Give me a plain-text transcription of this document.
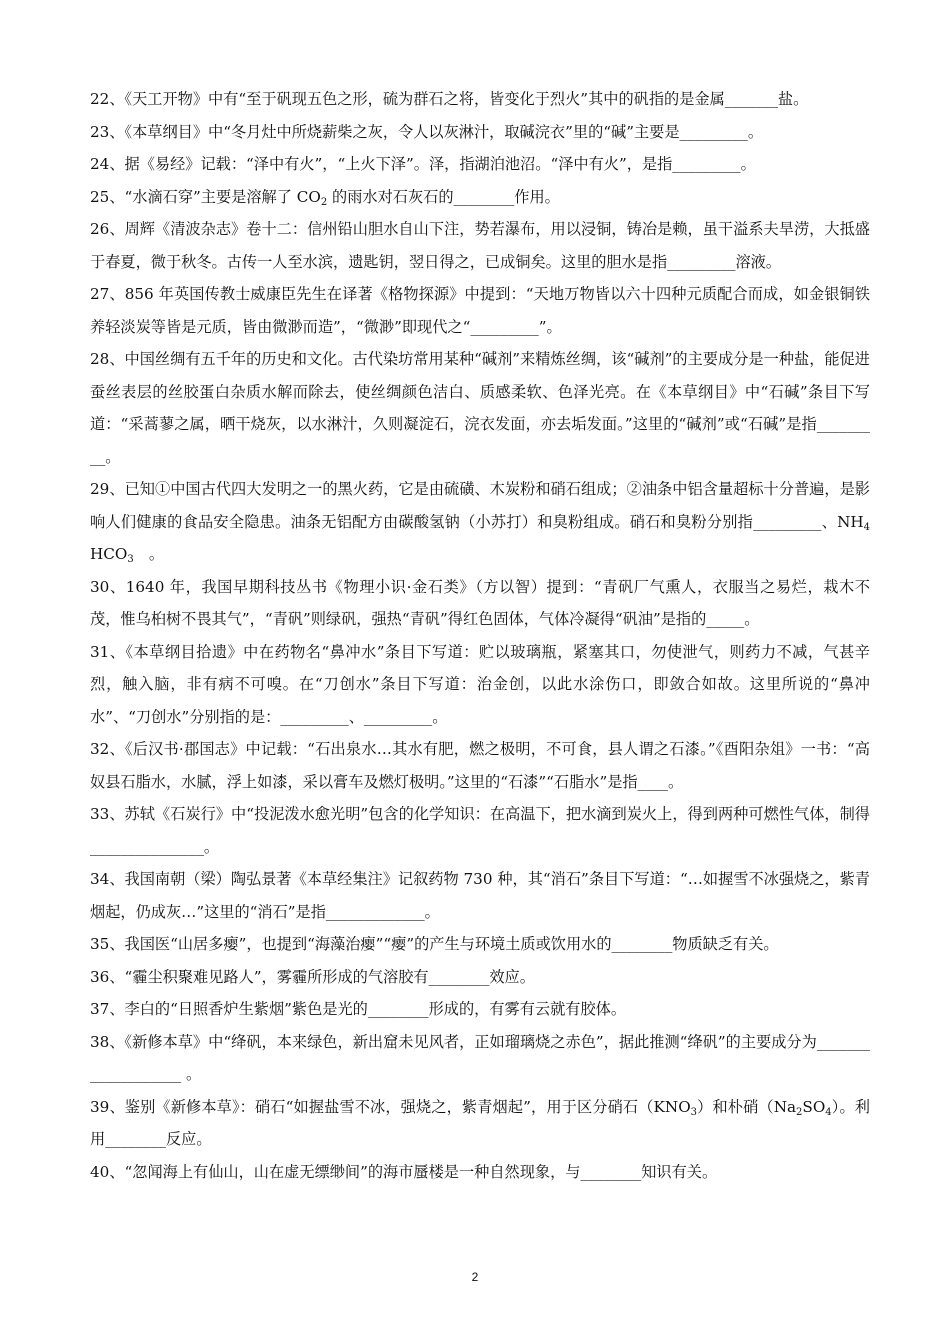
22、《天工开物》中有“至于矾现五色之形，硫为群石之将，皆变化于烈火”其中的矾指的是金属_______盐。
23、《本草纲目》中“冬月灶中所烧薪柴之灰，令人以灰淋汁，取碱浣衣”里的“碱”主要是_________。
24、据《易经》记载：“泽中有火”，“上火下泽”。泽，指湖泊池沼。“泽中有火”，是指_________。
25、“水滴石穿”主要是溶解了 $CO_2$ 的雨水对石灰石的________作用。
26、周辉《清波杂志》卷十二：信州铅山胆水自山下注，势若瀑布，用以浸铜，铸冶是赖，虽干溢系夫旱涝，大抵盛于春夏，微于秋冬。古传一人至水滨，遗匙钥，翌日得之，已成铜矣。这里的胆水是指_________溶液。
27、856 年英国传教士威康臣先生在译著《格物探源》中提到：“天地万物皆以六十四种元质配合而成，如金银铜铁养轻淡炭等皆是元质，皆由微渺而造”，“微渺”即现代之“_________”。
28、中国丝绸有五千年的历史和文化。古代染坊常用某种“碱剂”来精炼丝绸，该“碱剂”的主要成分是一种盐，能促进蚕丝表层的丝胶蛋白杂质水解而除去，使丝绸颜色洁白、质感柔软、色泽光亮。在《本草纲目》中“石碱”条目下写道：“采蒿蓼之属，晒干烧灰，以水淋汁，久则凝淀石，浣衣发面，亦去垢发面。”这里的“碱剂”或“石碱”是指_________。
29、已知①中国古代四大发明之一的黑火药，它是由硫磺、木炭粉和硝石组成；②油条中铝含量超标十分普遍，是影响人们健康的食品安全隐患。油条无铝配方由碳酸氢钠（小苏打）和臭粉组成。硝石和臭粉分别指_________、$NH_4HCO_3$　。
30、1640 年，我国早期科技丛书《物理小识·金石类》（方以智）提到：“青矾厂气熏人，衣服当之易烂，栽木不茂，惟乌桕树不畏其气”，“青矾”则绿矾，强热“青矾”得红色固体，气体冷凝得“矾油”是指的_____。
31、《本草纲目拾遗》中在药物名“鼻冲水”条目下写道：贮以玻璃瓶，紧塞其口，勿使泄气，则药力不减，气甚辛烈，触入脑，非有病不可嗅。在“刀创水”条目下写道：治金创，以此水涂伤口，即敛合如故。这里所说的“鼻冲水”、“刀创水”分别指的是：_________、_________。
32、《后汉书·郡国志》中记载：“石出泉水…其水有肥，燃之极明，不可食，县人谓之石漆。”《酉阳杂俎》一书：“高奴县石脂水，水腻，浮上如漆，采以膏车及燃灯极明。”这里的“石漆”“石脂水”是指____。
33、苏轼《石炭行》中“投泥泼水愈光明”包含的化学知识：在高温下，把水滴到炭火上，得到两种可燃性气体，制得_______________。
34、我国南朝（梁）陶弘景著《本草经集注》记叙药物 730 种，其“消石”条目下写道：“…如握雪不冰强烧之，紫青烟起，仍成灰…”这里的“消石”是指_____________。
35、我国医“山居多瘿”，也提到“海藻治瘿”“瘿”的产生与环境土质或饮用水的________物质缺乏有关。
36、“霾尘积聚难见路人”，雾霾所形成的气溶胶有________效应。
37、李白的“日照香炉生紫烟”紫色是光的________形成的，有雾有云就有胶体。
38、《新修本草》中“绛矾，本来绿色，新出窟未见风者，正如瑠璃烧之赤色”，据此推测“绛矾”的主要成分为___________________ 。
39、鉴别《新修本草》：硝石“如握盐雪不冰，强烧之，紫青烟起”，用于区分硝石$(KNO_3)$和朴硝$(Na_2SO_4)$。利用________反应。
40、“忽闻海上有仙山，山在虚无缥缈间”的海市蜃楼是一种自然现象，与________知识有关。
2
